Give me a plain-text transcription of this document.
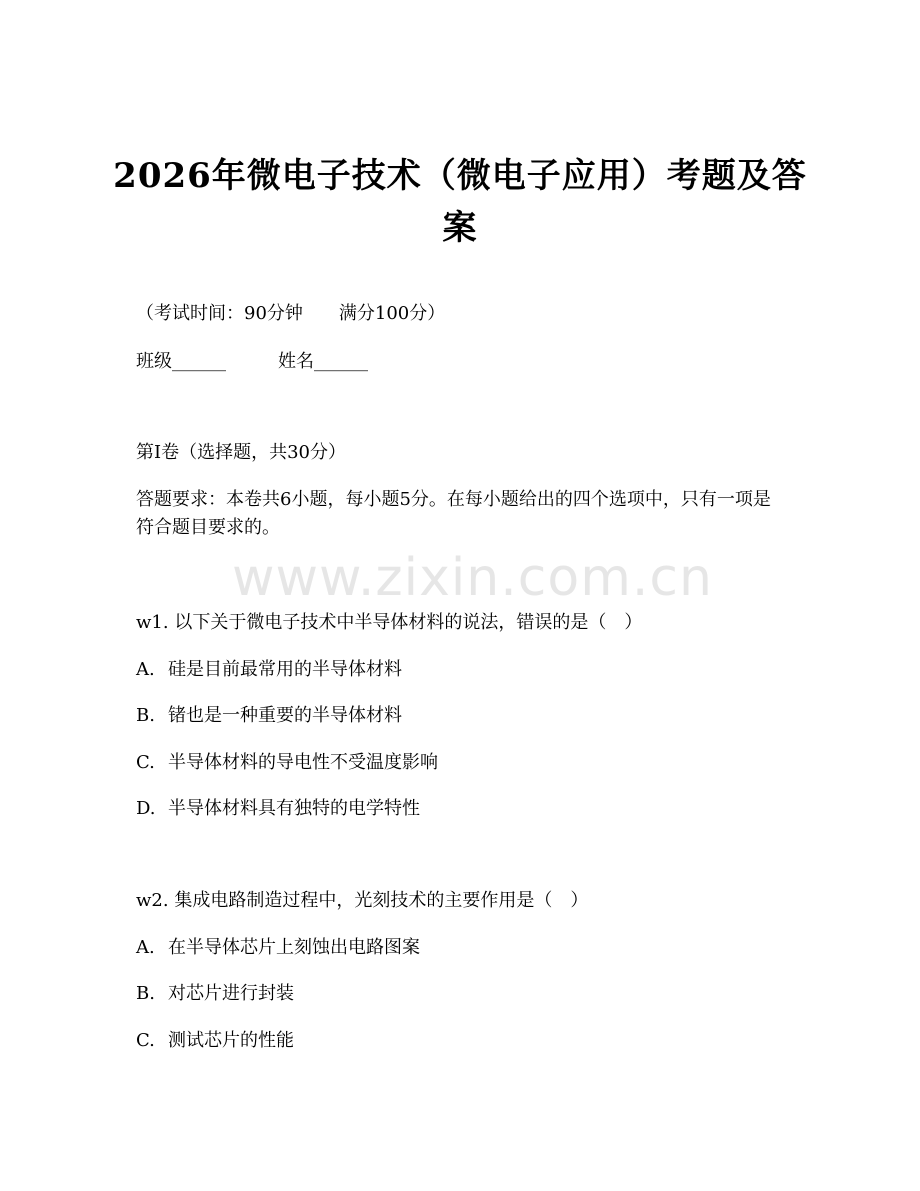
2026年微电子技术（微电子应用）考题及答案
（考试时间：90分钟　　满分100分）
班级______	姓名______
第I卷（选择题，共30分）
答题要求：本卷共6小题，每小题5分。在每小题给出的四个选项中，只有一项是符合题目要求的。
www.zixin.com.cn
w1. 以下关于微电子技术中半导体材料的说法，错误的是（　）
A. 硅是目前最常用的半导体材料
B. 锗也是一种重要的半导体材料
C. 半导体材料的导电性不受温度影响
D. 半导体材料具有独特的电学特性
w2. 集成电路制造过程中，光刻技术的主要作用是（　）
A. 在半导体芯片上刻蚀出电路图案
B. 对芯片进行封装
C. 测试芯片的性能
